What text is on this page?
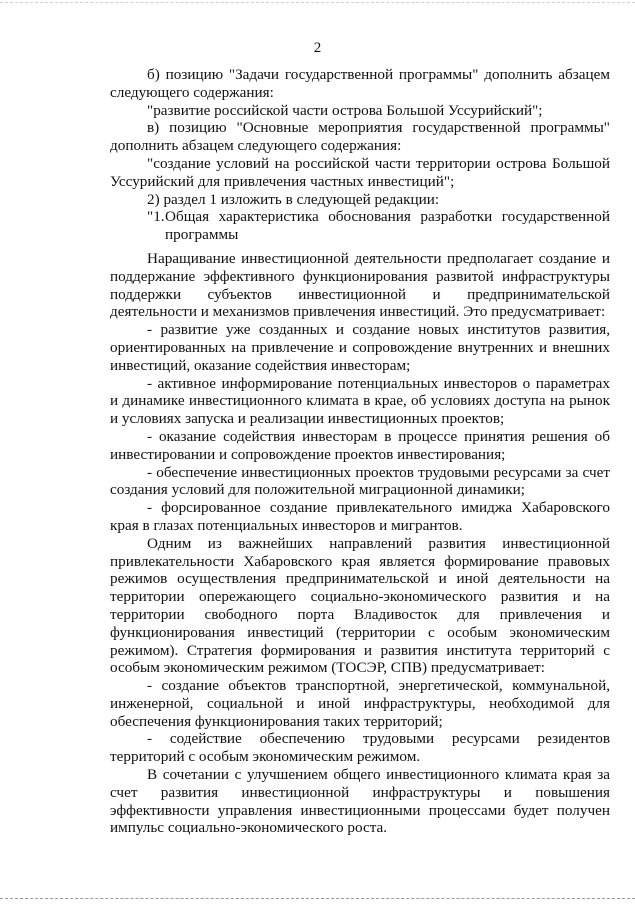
2

б) позицию "Задачи государственной программы" дополнить абзацем следующего содержания:

"развитие российской части острова Большой Уссурийский";

в) позицию "Основные мероприятия государственной программы" дополнить абзацем следующего содержания:

"создание условий на российской части территории острова Большой Уссурийский для привлечения частных инвестиций";

2) раздел 1 изложить в следующей редакции:

"1.Общая характеристика обоснования разработки государственной программы

Наращивание инвестиционной деятельности предполагает создание и поддержание эффективного функционирования развитой инфраструктуры поддержки субъектов инвестиционной и предпринимательской деятельности и механизмов привлечения инвестиций. Это предусматривает:

- развитие уже созданных и создание новых институтов развития, ориентированных на привлечение и сопровождение внутренних и внешних инвестиций, оказание содействия инвесторам;

- активное информирование потенциальных инвесторов о параметрах и динамике инвестиционного климата в крае, об условиях доступа на рынок и условиях запуска и реализации инвестиционных проектов;

- оказание содействия инвесторам в процессе принятия решения об инвестировании и сопровождение проектов инвестирования;

- обеспечение инвестиционных проектов трудовыми ресурсами за счет создания условий для положительной миграционной динамики;

- форсированное создание привлекательного имиджа Хабаровского края в глазах потенциальных инвесторов и мигрантов.

Одним из важнейших направлений развития инвестиционной привлекательности Хабаровского края является формирование правовых режимов осуществления предпринимательской и иной деятельности на территории опережающего социально-экономического развития и на территории свободного порта Владивосток для привлечения и функционирования инвестиций (территории с особым экономическим режимом). Стратегия формирования и развития института территорий с особым экономическим режимом (ТОСЭР, СПВ) предусматривает:

- создание объектов транспортной, энергетической, коммунальной, инженерной, социальной и иной инфраструктуры, необходимой для обеспечения функционирования таких территорий;

- содействие обеспечению трудовыми ресурсами резидентов территорий с особым экономическим режимом.

В сочетании с улучшением общего инвестиционного климата края за счет развития инвестиционной инфраструктуры и повышения эффективности управления инвестиционными процессами будет получен импульс социально-экономического роста.
